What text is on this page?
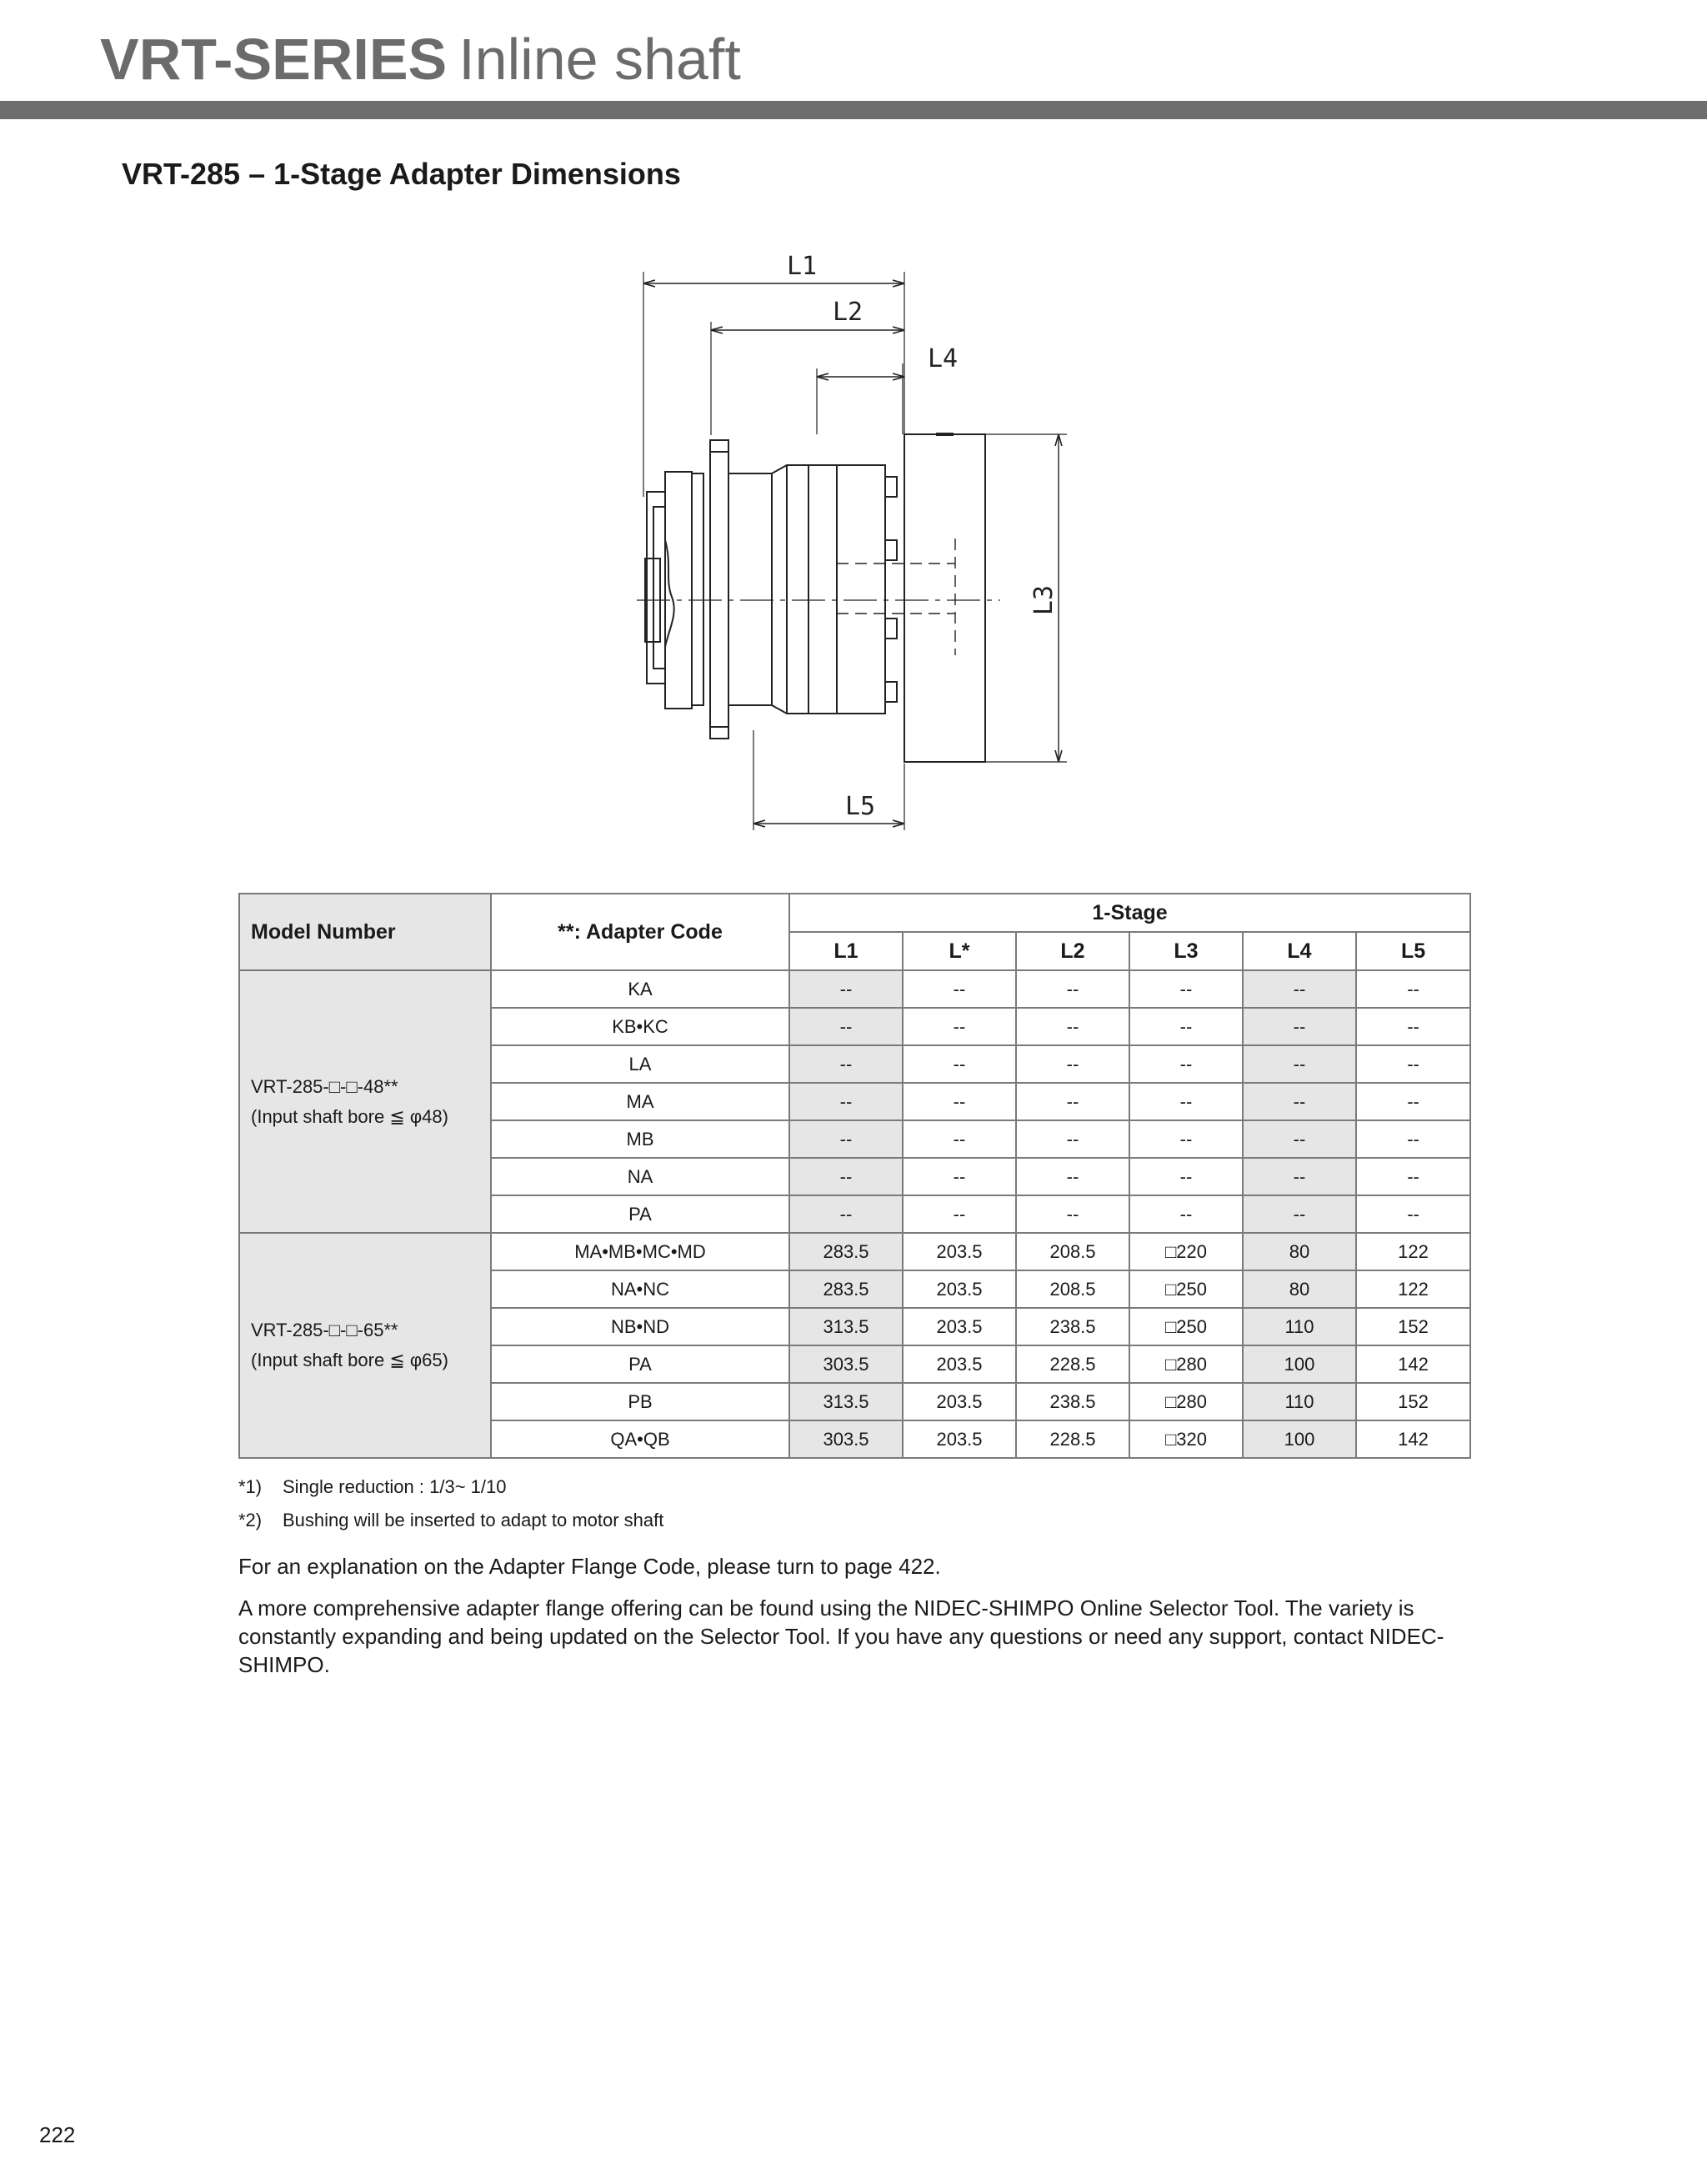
VRT-SERIES Inline shaft
VRT-285 – 1-Stage Adapter Dimensions
L1
L2
L4
L5
L3
Model Number	**: Adapter Code	1-Stage					
		L1	L*	L2	L3	L4	L5

VRT-285-□-□-48**
(Input shaft bore ≦ φ48)	KA	--	--	--	--	--	--
	KB•KC	--	--	--	--	--	--
	LA	--	--	--	--	--	--
	MA	--	--	--	--	--	--
	MB	--	--	--	--	--	--
	NA	--	--	--	--	--	--
	PA	--	--	--	--	--	--

VRT-285-□-□-65**
(Input shaft bore ≦ φ65)	MA•MB•MC•MD	283.5	203.5	208.5	□220	80	122
	NA•NC	283.5	203.5	208.5	□250	80	122
	NB•ND	313.5	203.5	238.5	□250	110	152
	PA	303.5	203.5	228.5	□280	100	142
	PB	313.5	203.5	238.5	□280	110	152
	QA•QB	303.5	203.5	228.5	□320	100	142
*1) Single reduction : 1/3~ 1/10
*2) Bushing will be inserted to adapt to motor shaft

For an explanation on the Adapter Flange Code, please turn to page 422.

A more comprehensive adapter flange offering can be found using the NIDEC-SHIMPO Online Selector Tool. The variety is constantly expanding and being updated on the Selector Tool. If you have any questions or need any support, contact NIDEC-SHIMPO.

222
